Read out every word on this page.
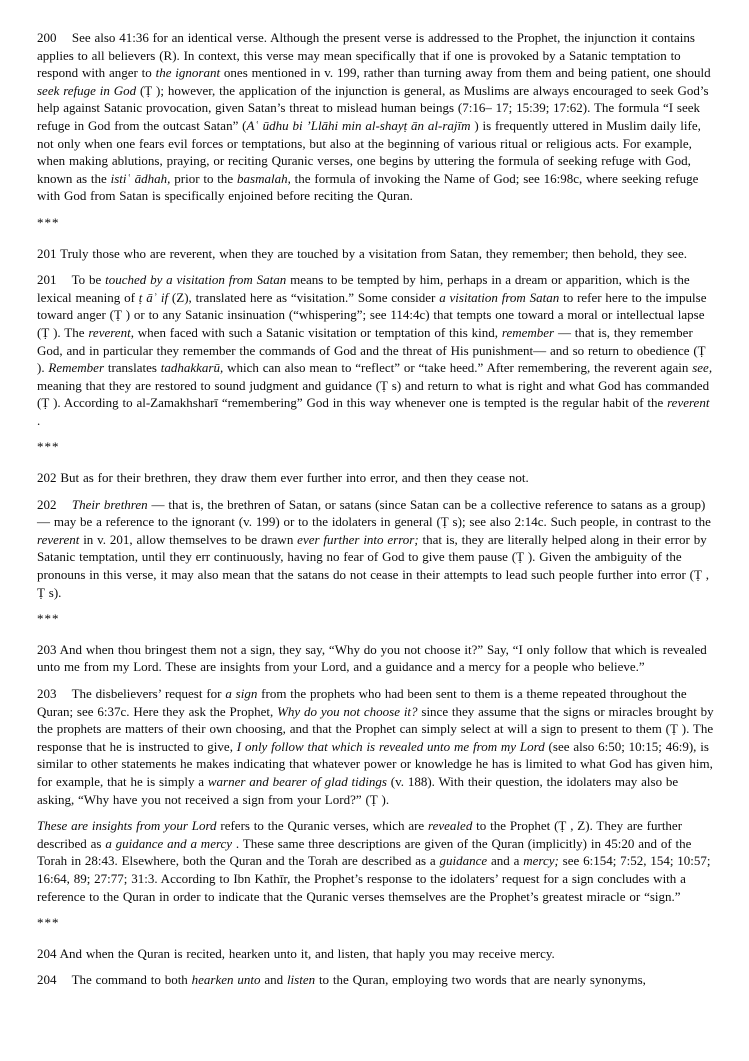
200    See also 41:36 for an identical verse. Although the present verse is addressed to the Prophet, the injunction it contains applies to all believers (R). In context, this verse may mean specifically that if one is provoked by a Satanic temptation to respond with anger to the ignorant ones mentioned in v. 199, rather than turning away from them and being patient, one should seek refuge in God (Ṭ ); however, the application of the injunction is general, as Muslims are always encouraged to seek God’s help against Satanic provocation, given Satan’s threat to mislead human beings (7:16– 17; 15:39; 17:62). The formula “I seek refuge in God from the outcast Satan” (Aʿ ūdhu bi ’Llāhi min al-shayṭ ān al-rajīm ) is frequently uttered in Muslim daily life, not only when one fears evil forces or temptations, but also at the beginning of various ritual or religious acts. For example, when making ablutions, praying, or reciting Quranic verses, one begins by uttering the formula of seeking refuge with God, known as the istiʿ ādhah, prior to the basmalah, the formula of invoking the Name of God; see 16:98c, where seeking refuge with God from Satan is specifically enjoined before reciting the Quran.

***

201 Truly those who are reverent, when they are touched by a visitation from Satan, they remember; then behold, they see.

201    To be touched by a visitation from Satan means to be tempted by him, perhaps in a dream or apparition, which is the lexical meaning of ṭ āʾ if (Z), translated here as “visitation.” Some consider a visitation from Satan to refer here to the impulse toward anger (Ṭ ) or to any Satanic insinuation (“whispering”; see 114:4c) that tempts one toward a moral or intellectual lapse (Ṭ ). The reverent, when faced with such a Satanic visitation or temptation of this kind, remember — that is, they remember God, and in particular they remember the commands of God and the threat of His punishment— and so return to obedience (Ṭ ). Remember translates tadhakkarū, which can also mean to “reflect” or “take heed.” After remembering, the reverent again see, meaning that they are restored to sound judgment and guidance (Ṭ s) and return to what is right and what God has commanded (Ṭ ). According to al-Zamakhsharī “remembering” God in this way whenever one is tempted is the regular habit of the reverent .

***

202 But as for their brethren, they draw them ever further into error, and then they cease not.

202    Their brethren — that is, the brethren of Satan, or satans (since Satan can be a collective reference to satans as a group)— may be a reference to the ignorant (v. 199) or to the idolaters in general (Ṭ s); see also 2:14c. Such people, in contrast to the reverent in v. 201, allow themselves to be drawn ever further into error; that is, they are literally helped along in their error by Satanic temptation, until they err continuously, having no fear of God to give them pause (Ṭ ). Given the ambiguity of the pronouns in this verse, it may also mean that the satans do not cease in their attempts to lead such people further into error (Ṭ , Ṭ s).

***

203 And when thou bringest them not a sign, they say, “Why do you not choose it?” Say, “I only follow that which is revealed unto me from my Lord. These are insights from your Lord, and a guidance and a mercy for a people who believe.”

203    The disbelievers’ request for a sign from the prophets who had been sent to them is a theme repeated throughout the Quran; see 6:37c. Here they ask the Prophet, Why do you not choose it? since they assume that the signs or miracles brought by the prophets are matters of their own choosing, and that the Prophet can simply select at will a sign to present to them (Ṭ ). The response that he is instructed to give, I only follow that which is revealed unto me from my Lord (see also 6:50; 10:15; 46:9), is similar to other statements he makes indicating that whatever power or knowledge he has is limited to what God has given him, for example, that he is simply a warner and bearer of glad tidings (v. 188). With their question, the idolaters may also be asking, “Why have you not received a sign from your Lord?” (Ṭ ).

These are insights from your Lord refers to the Quranic verses, which are revealed to the Prophet (Ṭ , Z). They are further described as a guidance and a mercy . These same three descriptions are given of the Quran (implicitly) in 45:20 and of the Torah in 28:43. Elsewhere, both the Quran and the Torah are described as a guidance and a mercy; see 6:154; 7:52, 154; 10:57; 16:64, 89; 27:77; 31:3. According to Ibn Kathīr, the Prophet’s response to the idolaters’ request for a sign concludes with a reference to the Quran in order to indicate that the Quranic verses themselves are the Prophet’s greatest miracle or “sign.”

***

204 And when the Quran is recited, hearken unto it, and listen, that haply you may receive mercy.

204    The command to both hearken unto and listen to the Quran, employing two words that are nearly synonyms,
